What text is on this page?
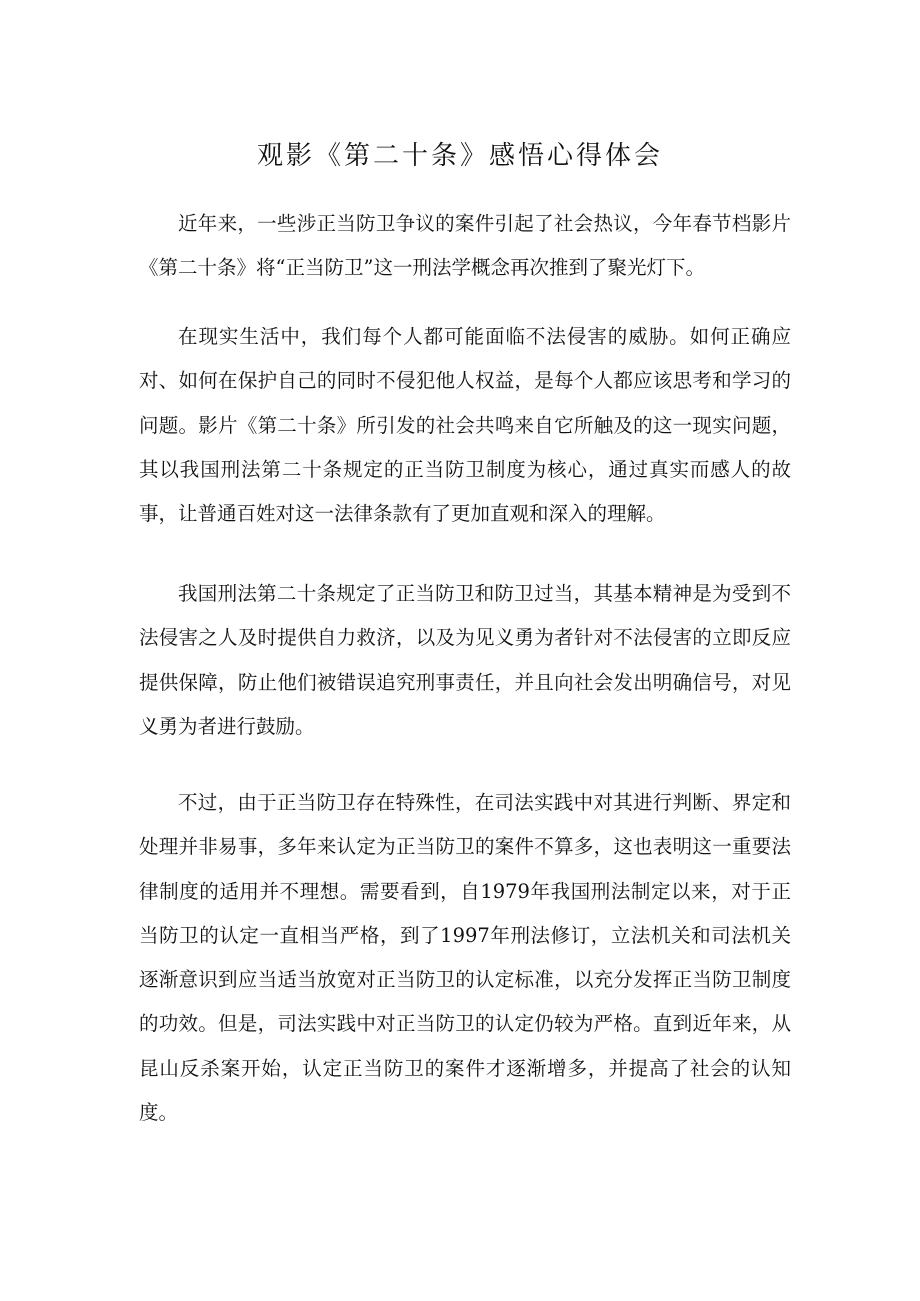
观影《第二十条》感悟心得体会

近年来，一些涉正当防卫争议的案件引起了社会热议，今年春节档影片《第二十条》将“正当防卫”这一刑法学概念再次推到了聚光灯下。

在现实生活中，我们每个人都可能面临不法侵害的威胁。如何正确应对、如何在保护自己的同时不侵犯他人权益，是每个人都应该思考和学习的问题。影片《第二十条》所引发的社会共鸣来自它所触及的这一现实问题，其以我国刑法第二十条规定的正当防卫制度为核心，通过真实而感人的故事，让普通百姓对这一法律条款有了更加直观和深入的理解。

我国刑法第二十条规定了正当防卫和防卫过当，其基本精神是为受到不法侵害之人及时提供自力救济，以及为见义勇为者针对不法侵害的立即反应提供保障，防止他们被错误追究刑事责任，并且向社会发出明确信号，对见义勇为者进行鼓励。

不过，由于正当防卫存在特殊性，在司法实践中对其进行判断、界定和处理并非易事，多年来认定为正当防卫的案件不算多，这也表明这一重要法律制度的适用并不理想。需要看到，自1979年我国刑法制定以来，对于正当防卫的认定一直相当严格，到了1997年刑法修订，立法机关和司法机关逐渐意识到应当适当放宽对正当防卫的认定标准，以充分发挥正当防卫制度的功效。但是，司法实践中对正当防卫的认定仍较为严格。直到近年来，从昆山反杀案开始，认定正当防卫的案件才逐渐增多，并提高了社会的认知度。
